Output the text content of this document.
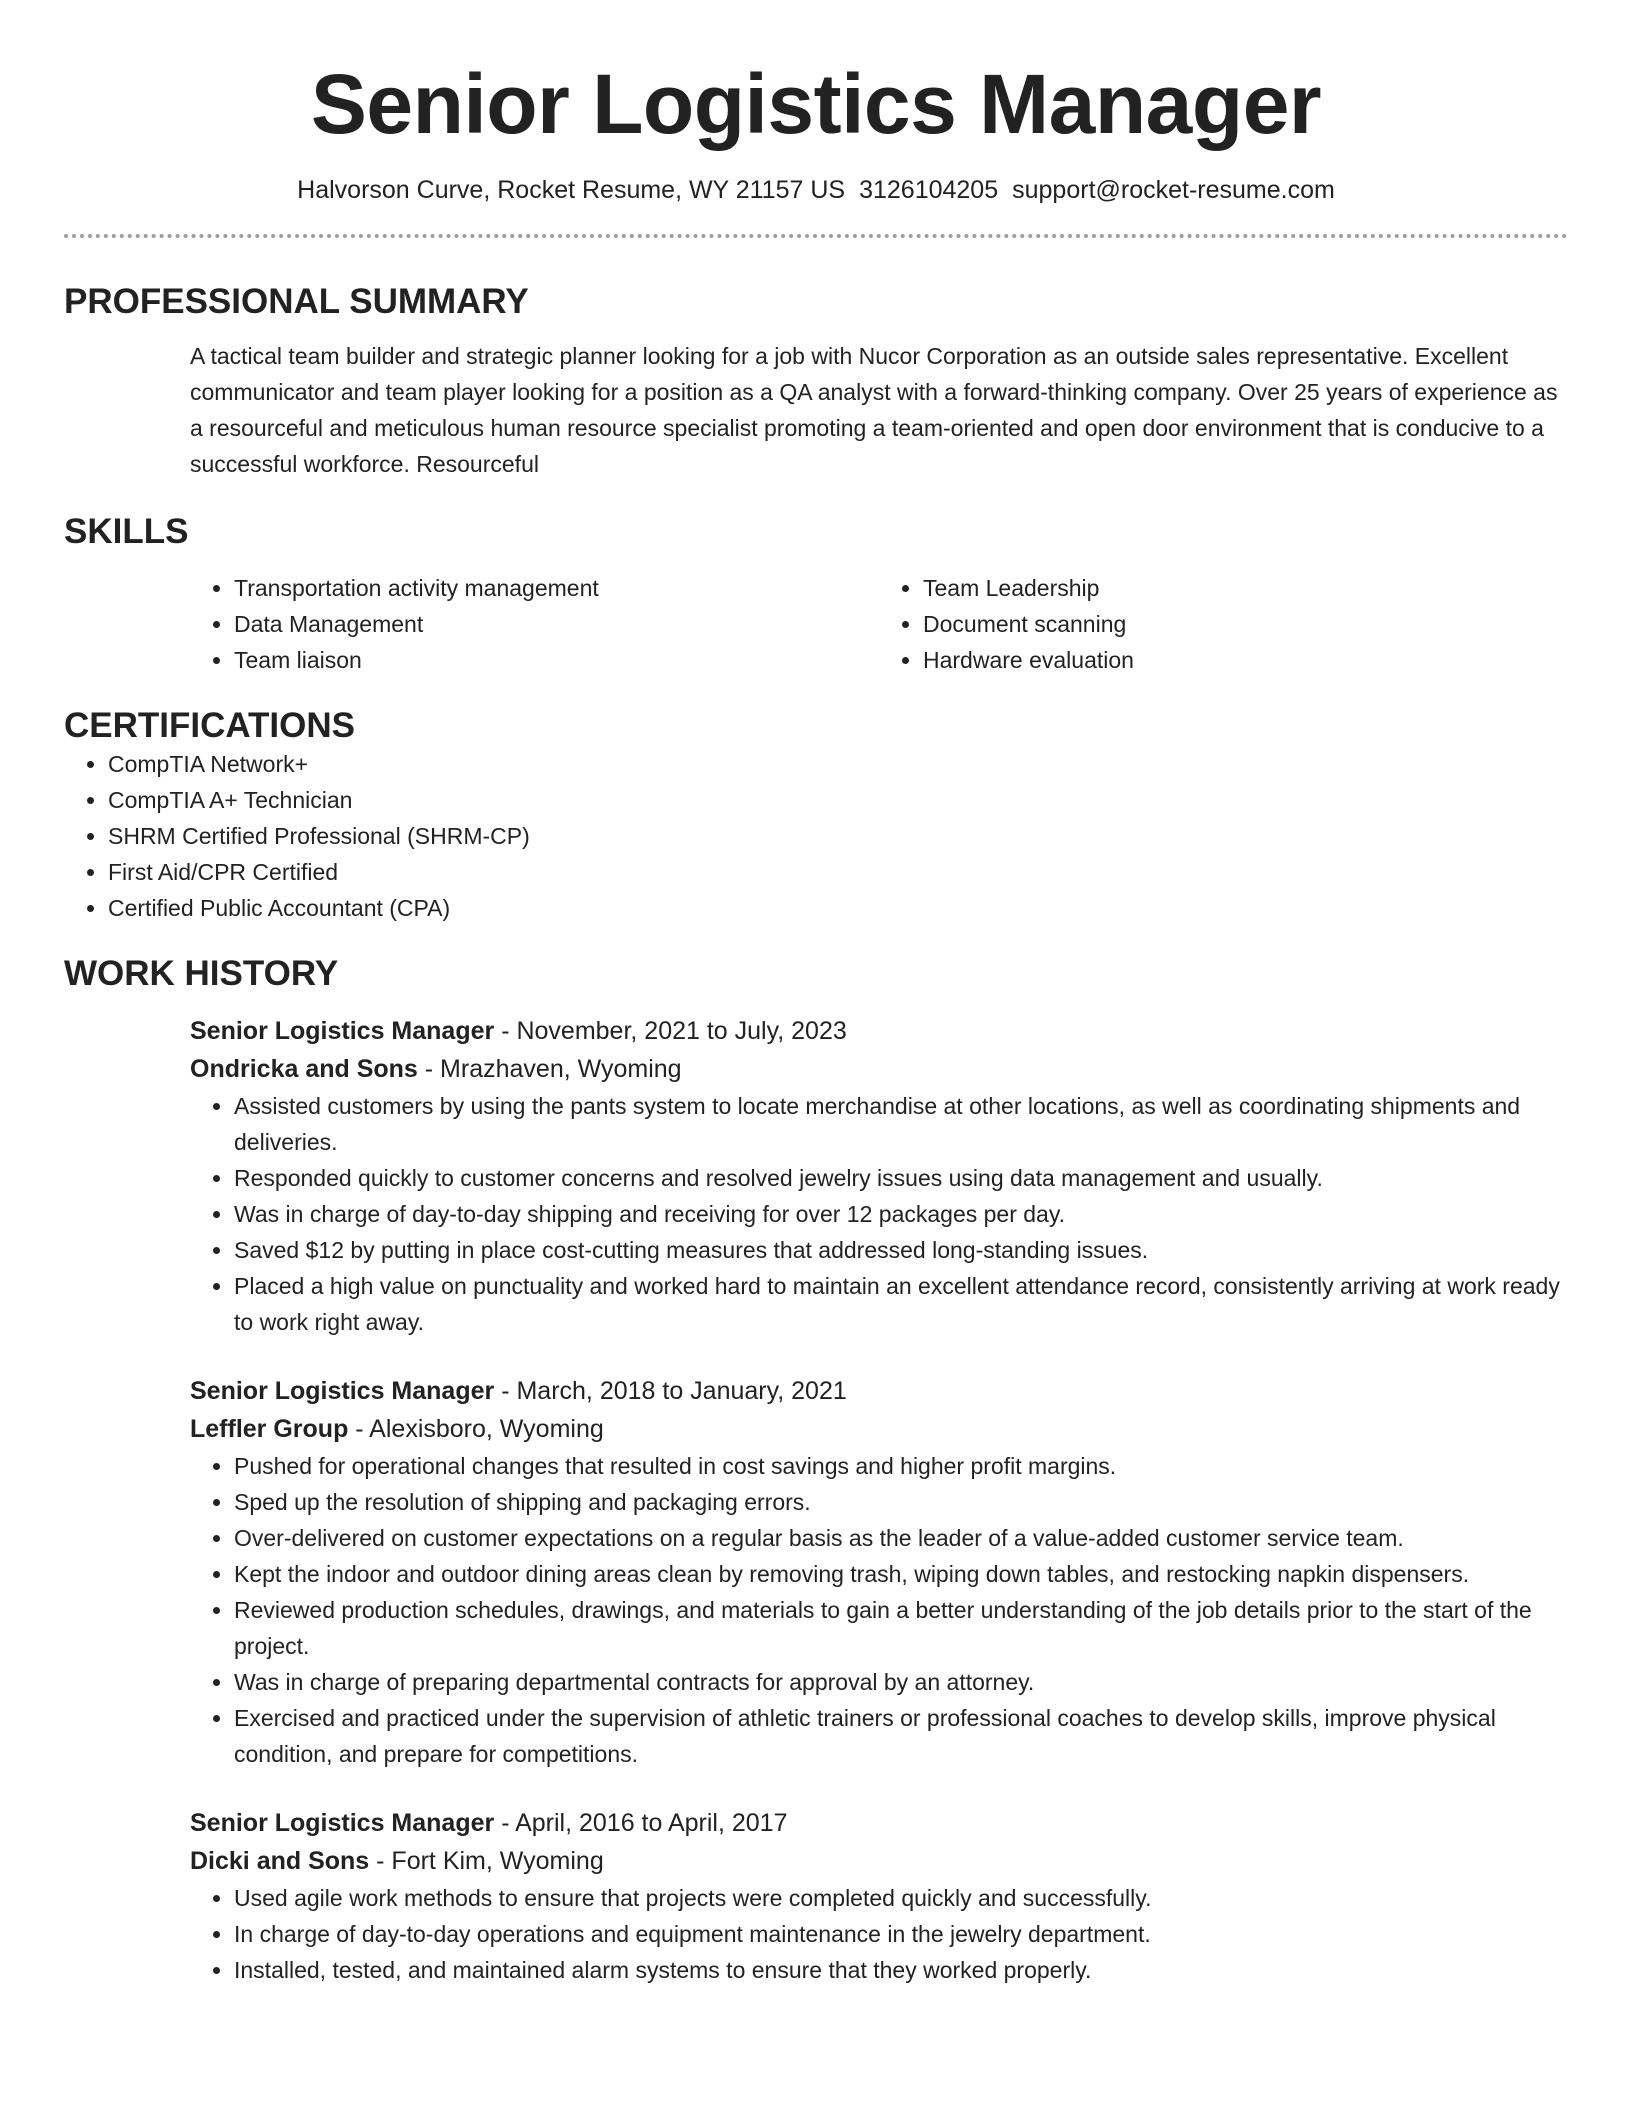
Senior Logistics Manager
Halvorson Curve, Rocket Resume, WY 21157 US 3126104205 support@rocket-resume.com
PROFESSIONAL SUMMARY

A tactical team builder and strategic planner looking for a job with Nucor Corporation as an outside sales representative. Excellent communicator and team player looking for a position as a QA analyst with a forward-thinking company. Over 25 years of experience as a resourceful and meticulous human resource specialist promoting a team-oriented and open door environment that is conducive to a successful workforce. Resourceful

SKILLS
• Transportation activity management
• Data Management
• Team liaison
• Team Leadership
• Document scanning
• Hardware evaluation
CERTIFICATIONS
• CompTIA Network+
• CompTIA A+ Technician
• SHRM Certified Professional (SHRM-CP)
• First Aid/CPR Certified
• Certified Public Accountant (CPA)
WORK HISTORY
Senior Logistics Manager - November, 2021 to July, 2023
Ondricka and Sons - Mrazhaven, Wyoming
• Assisted customers by using the pants system to locate merchandise at other locations, as well as coordinating shipments and deliveries.
• Responded quickly to customer concerns and resolved jewelry issues using data management and usually.
• Was in charge of day-to-day shipping and receiving for over 12 packages per day.
• Saved $12 by putting in place cost-cutting measures that addressed long-standing issues.
• Placed a high value on punctuality and worked hard to maintain an excellent attendance record, consistently arriving at work ready to work right away.
Senior Logistics Manager - March, 2018 to January, 2021
Leffler Group - Alexisboro, Wyoming
• Pushed for operational changes that resulted in cost savings and higher profit margins.
• Sped up the resolution of shipping and packaging errors.
• Over-delivered on customer expectations on a regular basis as the leader of a value-added customer service team.
• Kept the indoor and outdoor dining areas clean by removing trash, wiping down tables, and restocking napkin dispensers.
• Reviewed production schedules, drawings, and materials to gain a better understanding of the job details prior to the start of the project.
• Was in charge of preparing departmental contracts for approval by an attorney.
• Exercised and practiced under the supervision of athletic trainers or professional coaches to develop skills, improve physical condition, and prepare for competitions.
Senior Logistics Manager - April, 2016 to April, 2017
Dicki and Sons - Fort Kim, Wyoming
• Used agile work methods to ensure that projects were completed quickly and successfully.
• In charge of day-to-day operations and equipment maintenance in the jewelry department.
• Installed, tested, and maintained alarm systems to ensure that they worked properly.
